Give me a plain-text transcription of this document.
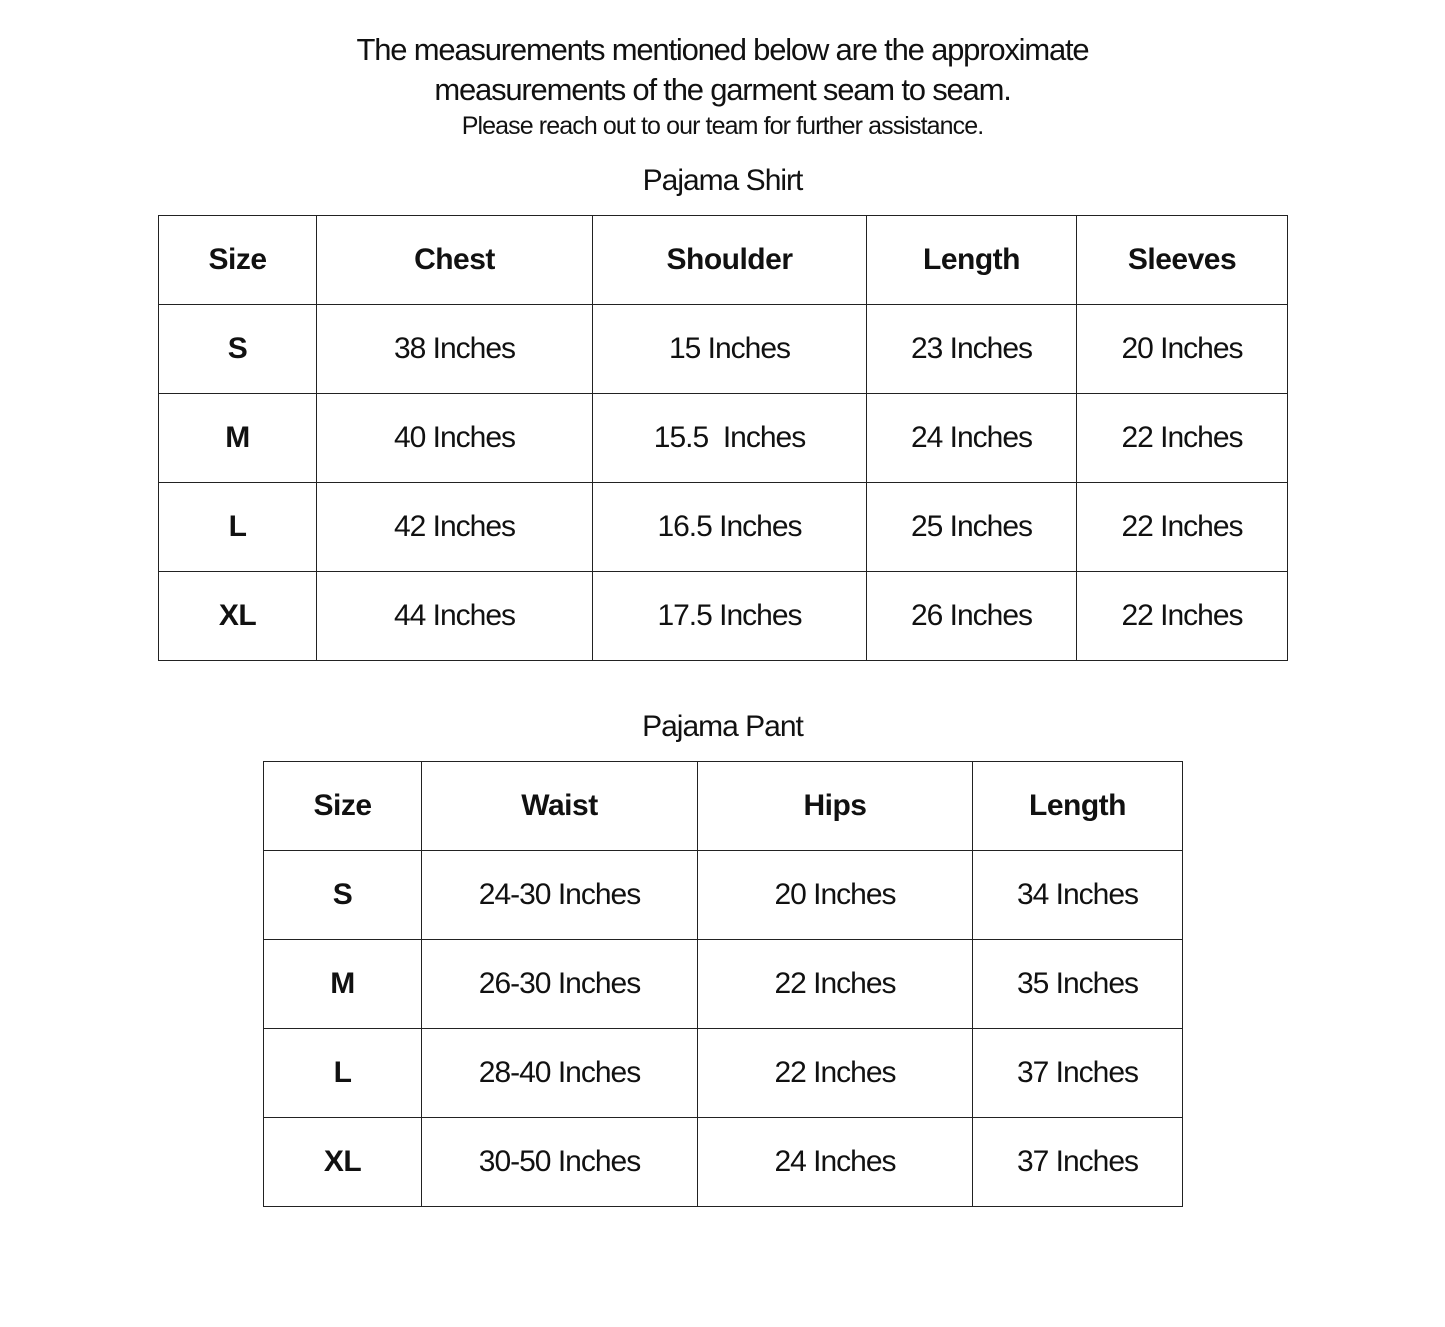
The measurements mentioned below are the approximate
measurements of the garment seam to seam.
Please reach out to our team for further assistance.
Pajama Shirt
Size	Chest	Shoulder	Length	Sleeves
S	38 Inches	15 Inches	23 Inches	20 Inches
M	40 Inches	15.5  Inches	24 Inches	22 Inches
L	42 Inches	16.5 Inches	25 Inches	22 Inches
XL	44 Inches	17.5 Inches	26 Inches	22 Inches
Pajama Pant
Size	Waist	Hips	Length
S	24-30 Inches	20 Inches	34 Inches
M	26-30 Inches	22 Inches	35 Inches
L	28-40 Inches	22 Inches	37 Inches
XL	30-50 Inches	24 Inches	37 Inches
